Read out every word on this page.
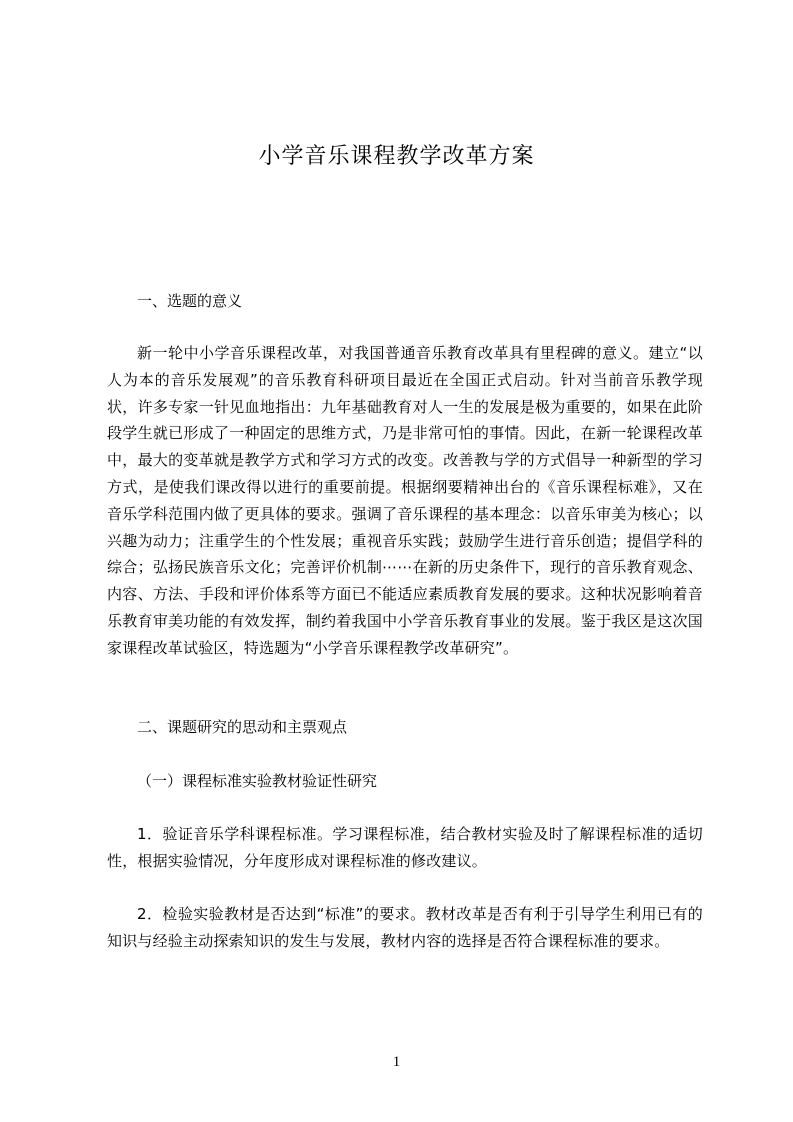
小学音乐课程教学改革方案
一、选题的意义
新一轮中小学音乐课程改革，对我国普通音乐教育改革具有里程碑的意义。建立“以人为本的音乐发展观”的音乐教育科研项目最近在全国正式启动。针对当前音乐教学现状，许多专家一针见血地指出：九年基础教育对人一生的发展是极为重要的，如果在此阶段学生就已形成了一种固定的思维方式，乃是非常可怕的事情。因此，在新一轮课程改革中，最大的变革就是教学方式和学习方式的改变。改善教与学的方式倡导一种新型的学习方式，是使我们课改得以进行的重要前提。根据纲要精神出台的《音乐课程标难》，又在音乐学科范围内做了更具体的要求。强调了音乐课程的基本理念：以音乐审美为核心；以兴趣为动力；注重学生的个性发展；重视音乐实践；鼓励学生进行音乐创造；提倡学科的综合；弘扬民族音乐文化；完善评价机制⋯⋯在新的历史条件下，现行的音乐教育观念、内容、方法、手段和评价体系等方面已不能适应素质教育发展的要求。这种状况影响着音乐教育审美功能的有效发挥，制约着我国中小学音乐教育事业的发展。鉴于我区是这次国家课程改革试验区，特选题为“小学音乐课程教学改革研究”。
二、课题研究的思动和主票观点
（一）课程标准实验教材验证性研究
1．验证音乐学科课程标准。学习课程标准，结合教材实验及时了解课程标准的适切性，根据实验情况，分年度形成对课程标准的修改建议。
2．检验实验教材是否达到“标准”的要求。教材改革是否有利于引导学生利用已有的知识与经验主动探索知识的发生与发展，教材内容的选择是否符合课程标准的要求。
1
